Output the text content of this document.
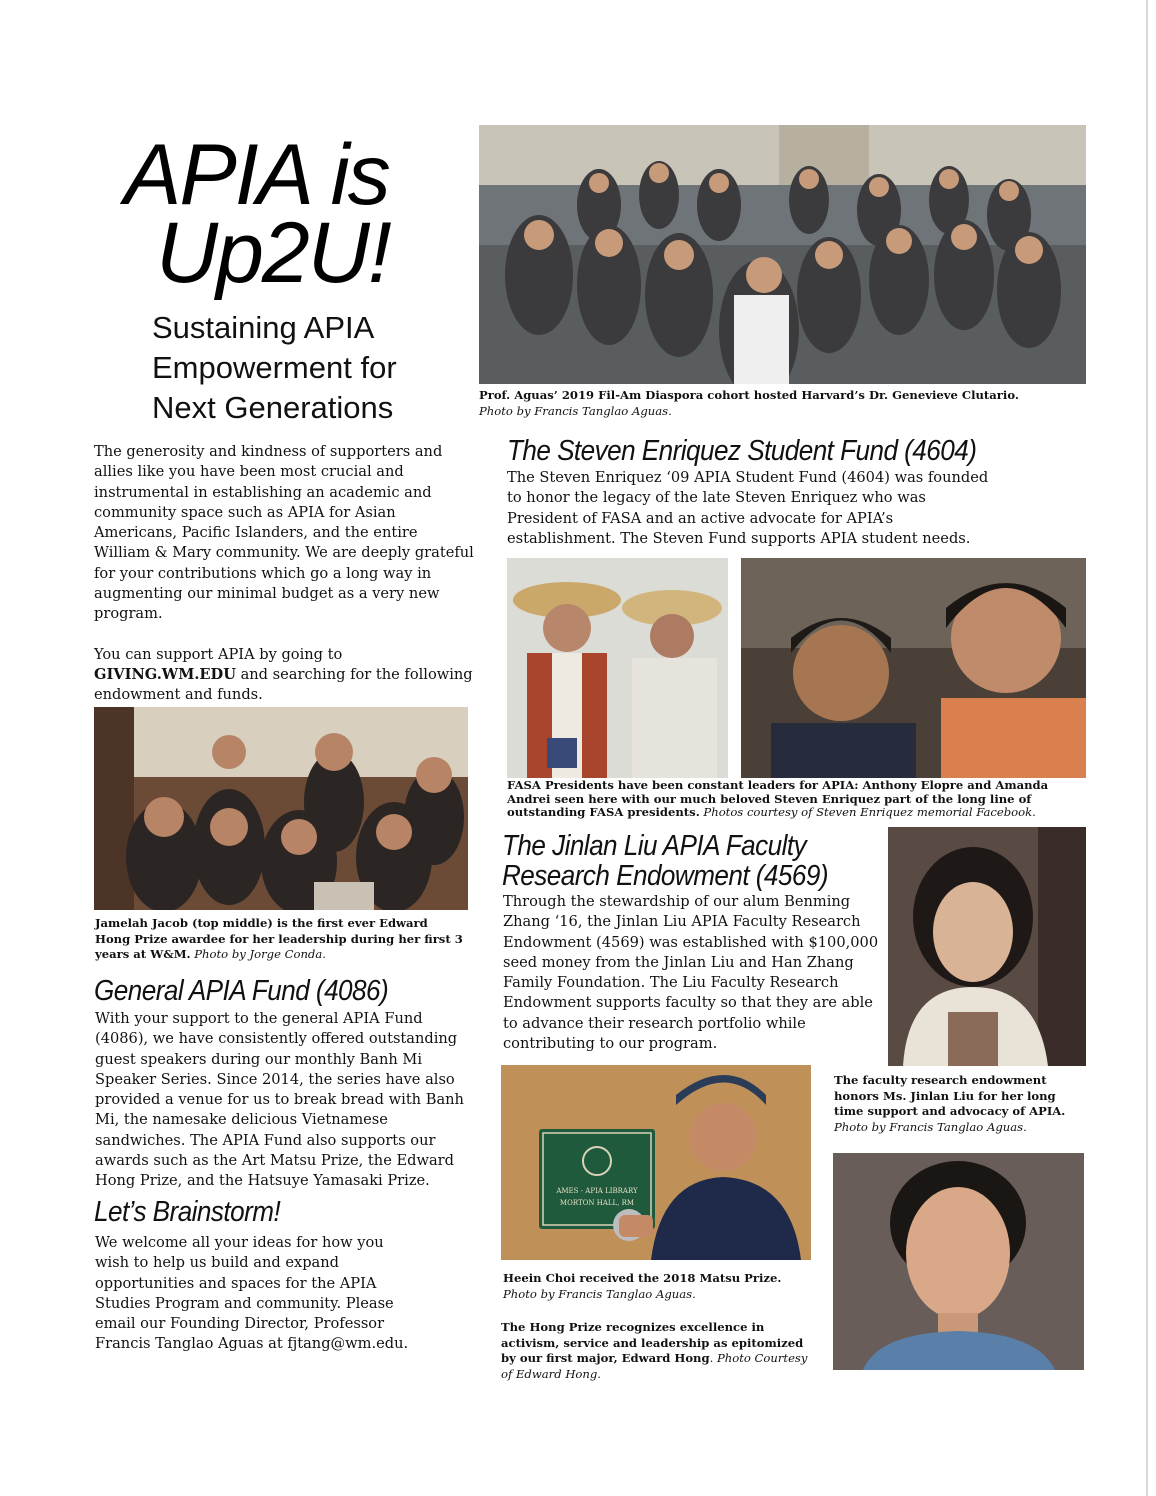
APIA is
Up2U!
Sustaining APIA
Empowerment for
Next Generations	Prof. Aguas’ 2019 Fil-Am Diaspora cohort hosted Harvard’s Dr. Genevieve Clutario.
Photo by Francis Tanglao Aguas.

The generosity and kindness of supporters and allies like you have been most crucial and instrumental in establishing an academic and community space such as APIA for Asian Americans, Pacific Islanders, and the entire William & Mary community. We are deeply grateful for your contributions which go a long way in augmenting our minimal budget as a very new program.

You can support APIA by going to GIVING.WM.EDU and searching for the following endowment and funds.

Jamelah Jacob (top middle) is the first ever Edward Hong Prize awardee for her leadership during her first 3 years at W&M. Photo by Jorge Conda.
General APIA Fund (4086)
With your support to the general APIA Fund (4086), we have consistently offered outstanding guest speakers during our monthly Banh Mi Speaker Series. Since 2014, the series have also provided a venue for us to break bread with Banh Mi, the namesake delicious Vietnamese sandwiches. The APIA Fund also supports our awards such as the Art Matsu Prize, the Edward Hong Prize, and the Hatsuye Yamasaki Prize.
Let’s Brainstorm!
We welcome all your ideas for how you wish to help us build and expand opportunities and spaces for the APIA Studies Program and community. Please email our Founding Director, Professor Francis Tanglao Aguas at fjtang@wm.edu.
The Steven Enriquez Student Fund (4604)
The Steven Enriquez ‘09 APIA Student Fund (4604) was founded to honor the legacy of the late Steven Enriquez who was President of FASA and an active advocate for APIA’s establishment. The Steven Fund supports APIA student needs.
FASA Presidents have been constant leaders for APIA: Anthony Elopre and Amanda Andrei seen here with our much beloved Steven Enriquez part of the long line of outstanding FASA presidents. Photos courtesy of Steven Enriquez memorial Facebook.
The Jinlan Liu APIA Faculty
Research Endowment (4569)
Through the stewardship of our alum Benming Zhang ‘16, the Jinlan Liu APIA Faculty Research Endowment (4569) was established with $100,000 seed money from the Jinlan Liu and Han Zhang Family Foundation. The Liu Faculty Research Endowment supports faculty so that they are able to advance their research portfolio while contributing to our program.
The faculty research endowment honors Ms. Jinlan Liu for her long time support and advocacy of APIA. Photo by Francis Tanglao Aguas.
AMES - APIA LIBRARY
MORTON HALL, RM
Heein Choi received the 2018 Matsu Prize. Photo by Francis Tanglao Aguas.
The Hong Prize recognizes excellence in activism, service and leadership as epitomized by our first major, Edward Hong. Photo Courtesy of Edward Hong.
